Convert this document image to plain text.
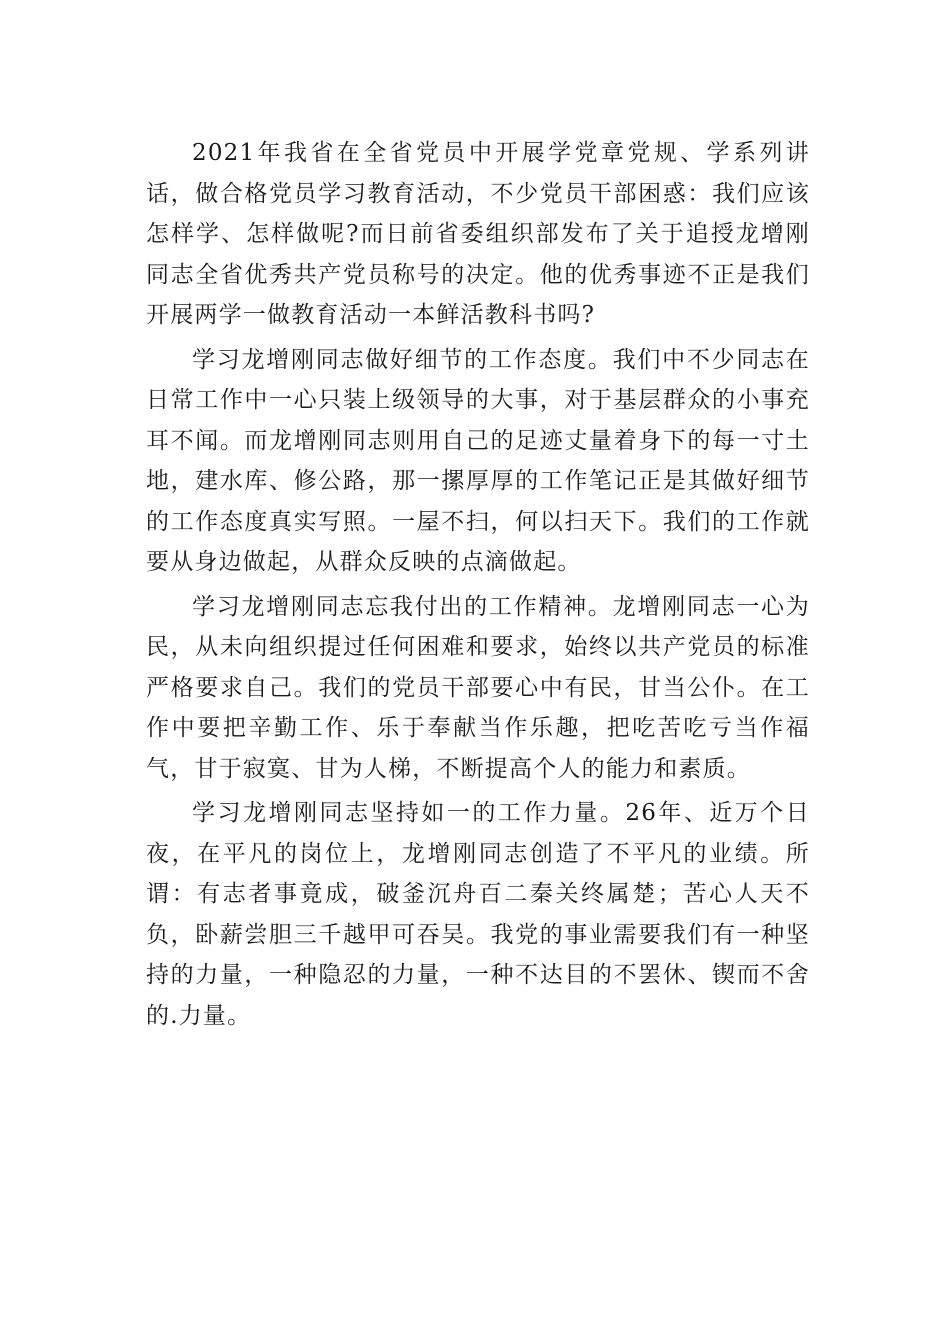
2021年我省在全省党员中开展学党章党规、学系列讲话，做合格党员学习教育活动，不少党员干部困惑：我们应该怎样学、怎样做呢?而日前省委组织部发布了关于追授龙增刚同志全省优秀共产党员称号的决定。他的优秀事迹不正是我们开展两学一做教育活动一本鲜活教科书吗?

学习龙增刚同志做好细节的工作态度。我们中不少同志在日常工作中一心只装上级领导的大事，对于基层群众的小事充耳不闻。而龙增刚同志则用自己的足迹丈量着身下的每一寸土地，建水库、修公路，那一摞厚厚的工作笔记正是其做好细节的工作态度真实写照。一屋不扫，何以扫天下。我们的工作就要从身边做起，从群众反映的点滴做起。

学习龙增刚同志忘我付出的工作精神。龙增刚同志一心为民，从未向组织提过任何困难和要求，始终以共产党员的标准严格要求自己。我们的党员干部要心中有民，甘当公仆。在工作中要把辛勤工作、乐于奉献当作乐趣，把吃苦吃亏当作福气，甘于寂寞、甘为人梯，不断提高个人的能力和素质。

学习龙增刚同志坚持如一的工作力量。26年、近万个日夜，在平凡的岗位上，龙增刚同志创造了不平凡的业绩。所谓：有志者事竟成，破釜沉舟百二秦关终属楚；苦心人天不负，卧薪尝胆三千越甲可吞吴。我党的事业需要我们有一种坚持的力量，一种隐忍的力量，一种不达目的不罢休、锲而不舍的.力量。
